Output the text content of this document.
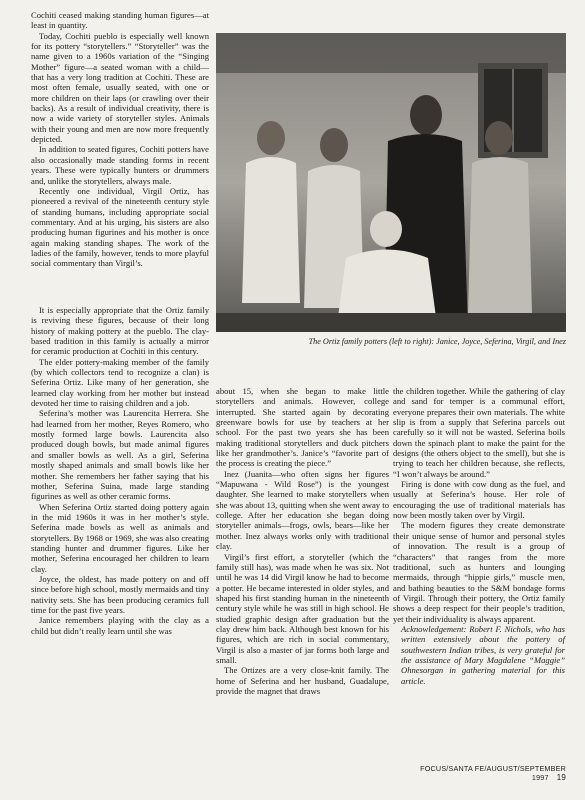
Cochiti ceased making standing human figures—at least in quantity.

Today, Cochiti pueblo is especially well known for its pottery “storytellers.” “Storyteller” was the name given to a 1960s variation of the “Singing Mother” figure—a seated woman with a child—that has a very long tradition at Cochiti. These are most often female, usually seated, with one or more children on their laps (or crawling over their backs). As a result of individual creativity, there is now a wide variety of storyteller styles. Animals with their young and men are now more frequently depicted.

In addition to seated figures, Cochiti potters have also occasionally made standing forms in recent years. These were typically hunters or drummers and, unlike the storytellers, always male.

Recently one individual, Virgil Ortiz, has pioneered a revival of the nineteenth century style of standing humans, including appropriate social commentary. And at his urging, his sisters are also producing human figurines and his mother is once again making standing shapes. The work of the ladies of the family, however, tends to more playful social commentary than Virgil’s.

It is especially appropriate that the Ortiz family is reviving these figures, because of their long history of making pottery at the pueblo. The clay-based tradition in this family is actually a mirror for ceramic production at Cochiti in this century.

The elder pottery-making member of the family (by which collectors tend to recognize a clan) is Seferina Ortiz. Like many of her generation, she learned clay working from her mother but instead devoted her time to raising children and a job.

Seferina’s mother was Laurencita Herrera. She had learned from her mother, Reyes Romero, who mostly formed large bowls. Laurencita also produced dough bowls, but made animal figures and smaller bowls as well. As a girl, Seferina mostly shaped animals and small bowls like her mother. She remembers her father saying that his mother, Seferina Suina, made large standing figurines as well as other ceramic forms.

When Seferina Ortiz started doing pottery again in the mid 1960s it was in her mother’s style. Seferina made bowls as well as animals and storytellers. By 1968 or 1969, she was also creating standing hunter and drummer figures. Like her mother, Seferina encouraged her children to learn clay.

Joyce, the oldest, has made pottery on and off since before high school, mostly mermaids and tiny nativity sets. She has been producing ceramics full time for the past five years.

Janice remembers playing with the clay as a child but didn’t really learn until she was

The Ortiz family potters (left to right): Janice, Joyce, Seferina, Virgil, and Inez

about 15, when she began to make little storytellers and animals. However, college interrupted. She started again by decorating greenware bowls for use by teachers at her school. For the past two years she has been making traditional storytellers and duck pitchers like her grandmother’s. Janice’s “favorite part of the process is creating the piece.”

Inez (Juanita—who often signs her figures “Mapuwana - Wild Rose”) is the youngest daughter. She learned to make storytellers when she was about 13, quitting when she went away to college. After her education she began doing storyteller animals—frogs, owls, bears—like her mother. Inez always works only with traditional clay.

Virgil’s first effort, a storyteller (which the family still has), was made when he was six. Not until he was 14 did Virgil know he had to become a potter. He became interested in older styles, and shaped his first standing human in the nineteenth century style while he was still in high school. He studied graphic design after graduation but the clay drew him back. Although best known for his figures, which are rich in social commentary, Virgil is also a master of jar forms both large and small.

The Ortizes are a very close-knit family. The home of Seferina and her husband, Guadalupe, provide the magnet that draws

the children together. While the gathering of clay and sand for temper is a communal effort, everyone prepares their own materials. The white slip is from a supply that Seferina parcels out carefully so it will not be wasted. Seferina boils down the spinach plant to make the paint for the designs (the others object to the smell), but she is trying to teach her children because, she reflects, “I won’t always be around.”

Firing is done with cow dung as the fuel, and usually at Seferina’s house. Her role of encouraging the use of traditional materials has now been mostly taken over by Virgil.

The modern figures they create demonstrate their unique sense of humor and personal styles of innovation. The result is a group of “characters” that ranges from the more traditional, such as hunters and lounging mermaids, through “hippie girls,” muscle men, and bathing beauties to the S&M bondage forms of Virgil. Through their pottery, the Ortiz family shows a deep respect for their people’s tradition, yet their individuality is always apparent.

Acknowledgement: Robert F. Nichols, who has written extensively about the pottery of southwestern Indian tribes, is very grateful for the assistance of Mary Magdalene “Maggie” Ohnesorgan in gathering material for this article.

FOCUS/SANTA FE/AUGUST/SEPTEMBER 1997 19
